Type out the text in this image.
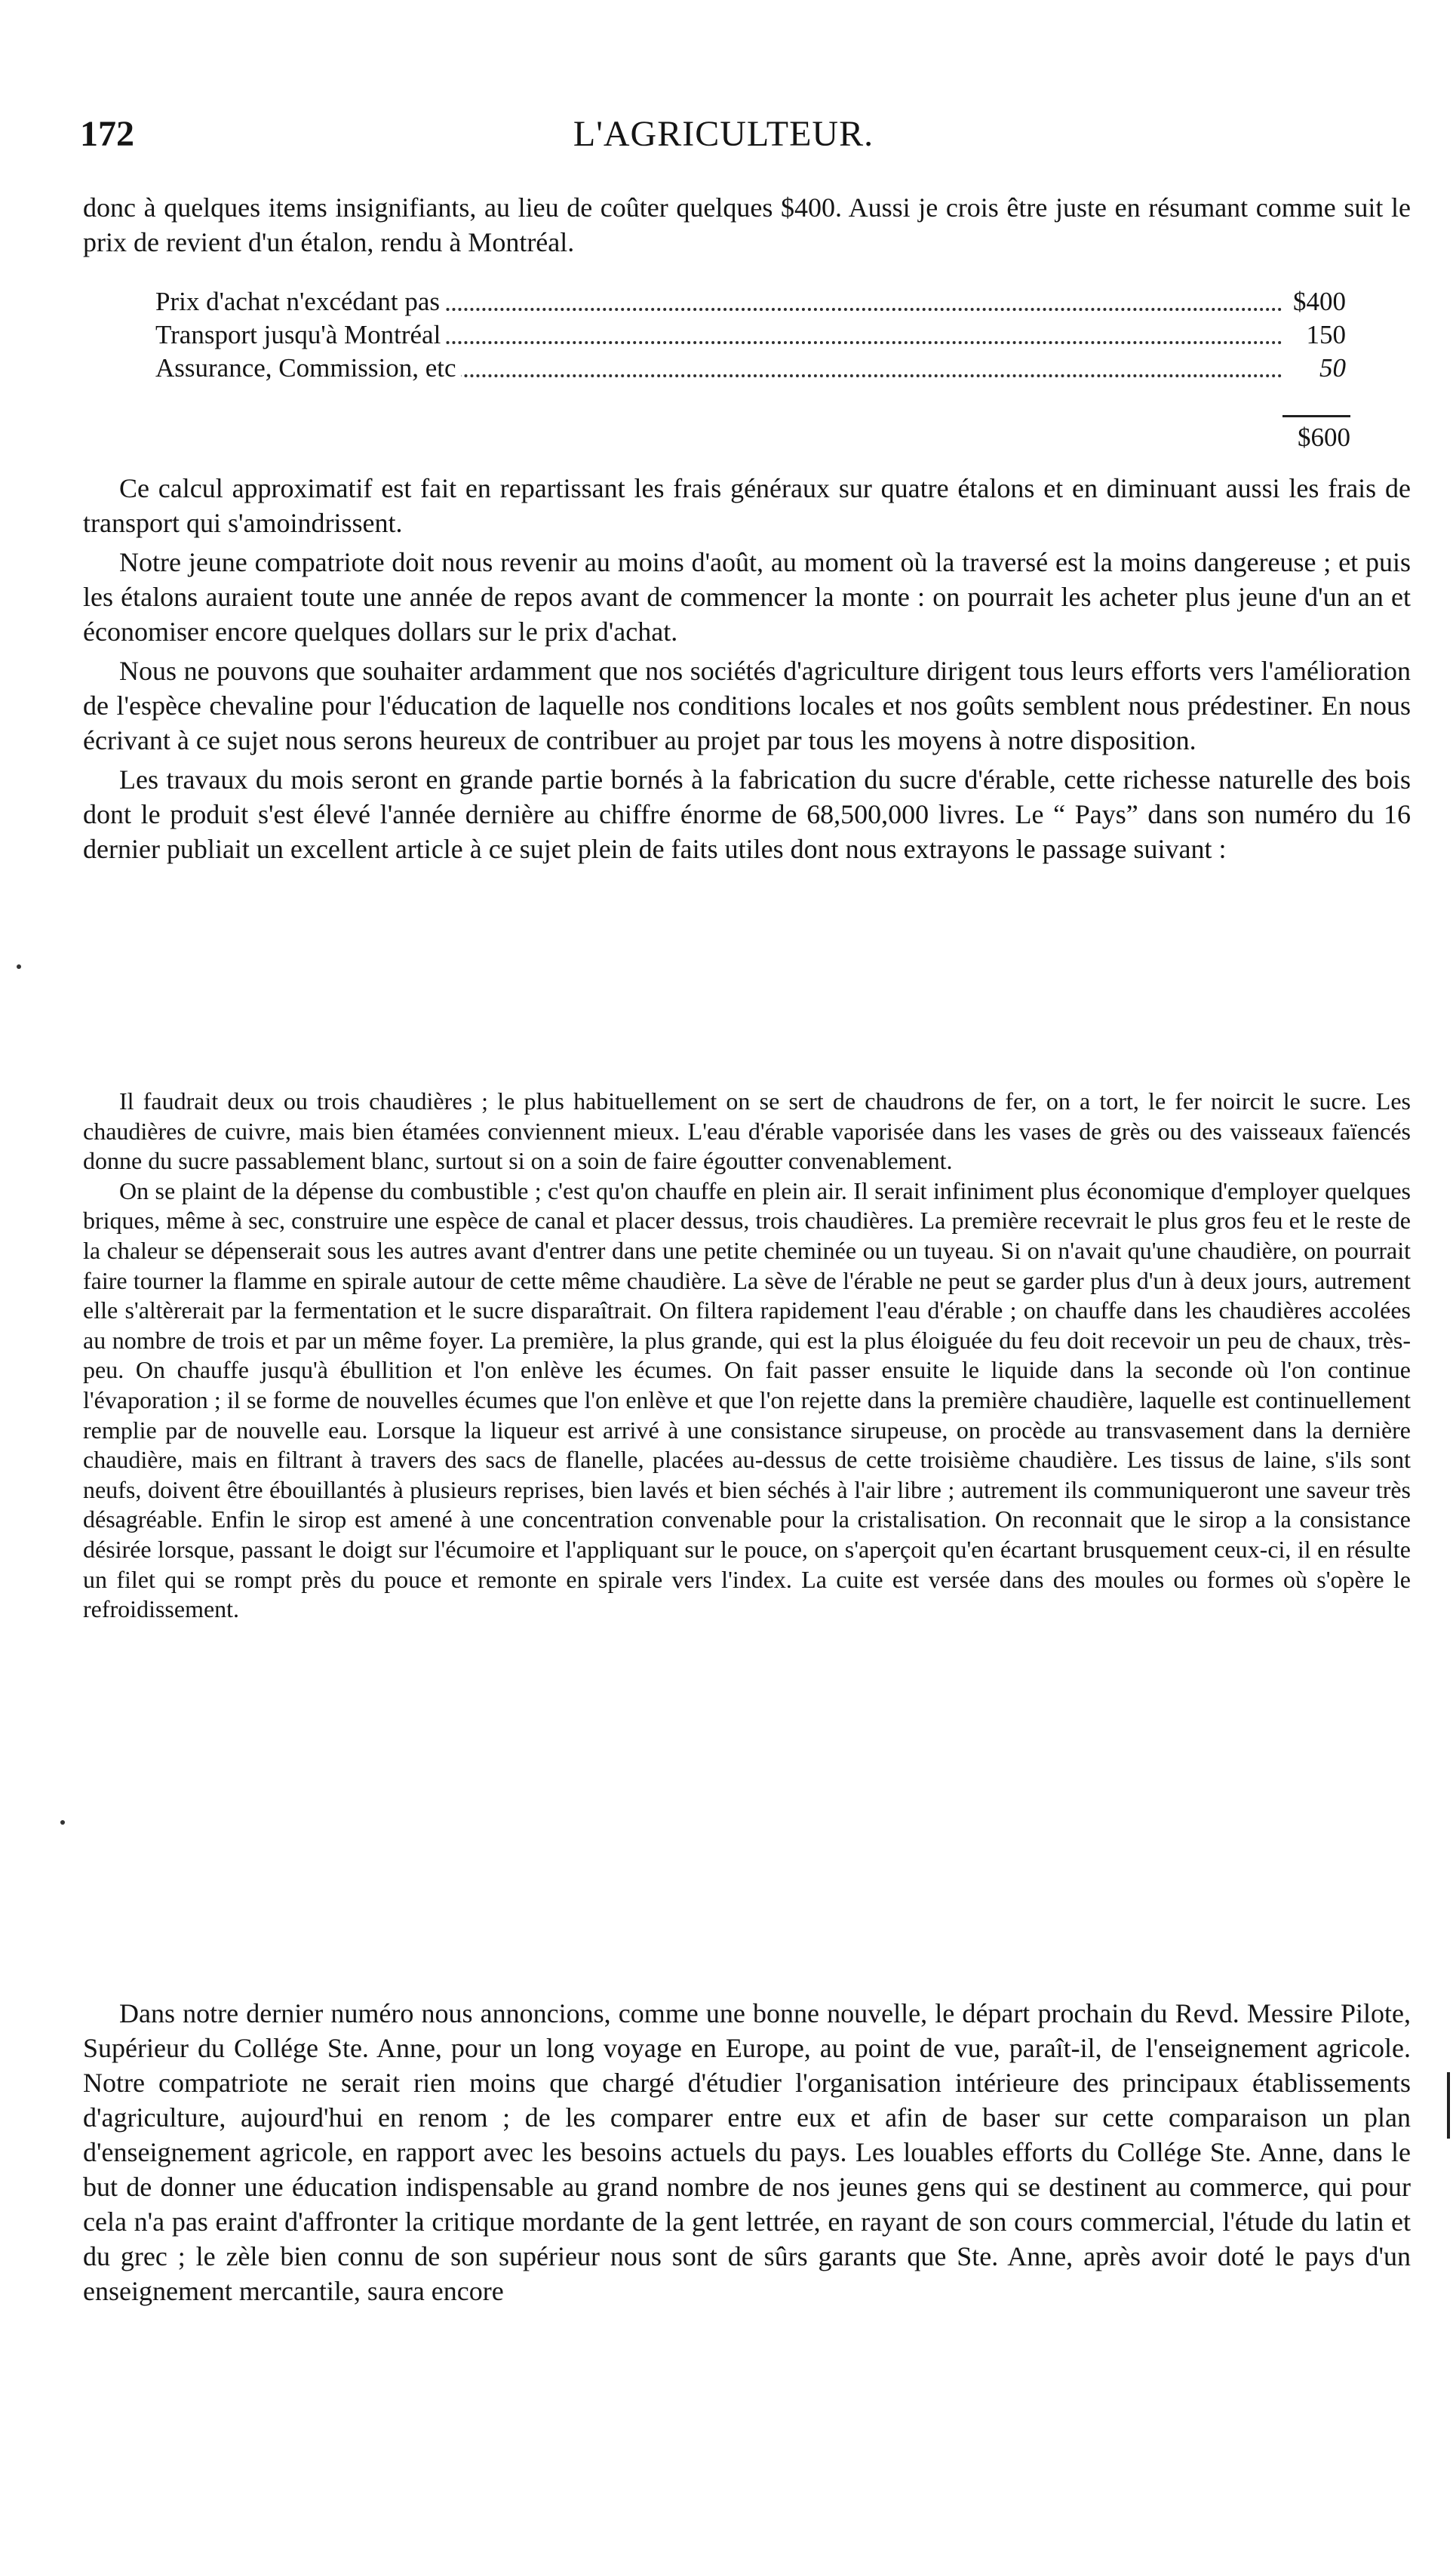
172	L'AGRICULTEUR.

donc à quelques items insignifiants, au lieu de coûter quelques $400. Aussi je crois être juste en résumant comme suit le prix de revient d'un étalon, rendu à Montréal.

Prix d'achat n'excédant pas	$400
Transport jusqu'à Montréal	150
Assurance, Commission, etc	50
$600

Ce calcul approximatif est fait en repartissant les frais généraux sur quatre étalons et en diminuant aussi les frais de transport qui s'amoindrissent.

Notre jeune compatriote doit nous revenir au moins d'août, au moment où la traversé est la moins dangereuse ; et puis les étalons auraient toute une année de repos avant de commencer la monte : on pourrait les acheter plus jeune d'un an et économiser encore quelques dollars sur le prix d'achat.

Nous ne pouvons que souhaiter ardamment que nos sociétés d'agriculture dirigent tous leurs efforts vers l'amélioration de l'espèce chevaline pour l'éducation de laquelle nos conditions locales et nos goûts semblent nous prédestiner. En nous écrivant à ce sujet nous serons heureux de contribuer au projet par tous les moyens à notre disposition.

Les travaux du mois seront en grande partie bornés à la fabrication du sucre d'érable, cette richesse naturelle des bois dont le produit s'est élevé l'année dernière au chiffre énorme de 68,500,000 livres. Le “ Pays” dans son numéro du 16 dernier publiait un excellent article à ce sujet plein de faits utiles dont nous extrayons le passage suivant :

Il faudrait deux ou trois chaudières ; le plus habituellement on se sert de chaudrons de fer, on a tort, le fer noircit le sucre. Les chaudières de cuivre, mais bien étamées conviennent mieux. L'eau d'érable vaporisée dans les vases de grès ou des vaisseaux faïencés donne du sucre passablement blanc, surtout si on a soin de faire égoutter convenablement.

On se plaint de la dépense du combustible ; c'est qu'on chauffe en plein air. Il serait infiniment plus économique d'employer quelques briques, même à sec, construire une espèce de canal et placer dessus, trois chaudières. La première recevrait le plus gros feu et le reste de la chaleur se dépenserait sous les autres avant d'entrer dans une petite cheminée ou un tuyeau. Si on n'avait qu'une chaudière, on pourrait faire tourner la flamme en spirale autour de cette même chaudière. La sève de l'érable ne peut se garder plus d'un à deux jours, autrement elle s'altèrerait par la fermentation et le sucre disparaîtrait. On filtera rapidement l'eau d'érable ; on chauffe dans les chaudières accolées au nombre de trois et par un même foyer. La première, la plus grande, qui est la plus éloiguée du feu doit recevoir un peu de chaux, très-peu. On chauffe jusqu'à ébullition et l'on enlève les écumes. On fait passer ensuite le liquide dans la seconde où l'on continue l'évaporation ; il se forme de nouvelles écumes que l'on enlève et que l'on rejette dans la première chaudière, laquelle est continuellement remplie par de nouvelle eau. Lorsque la liqueur est arrivé à une consistance sirupeuse, on procède au transvasement dans la dernière chaudière, mais en filtrant à travers des sacs de flanelle, placées au-dessus de cette troisième chaudière. Les tissus de laine, s'ils sont neufs, doivent être ébouillantés à plusieurs reprises, bien lavés et bien séchés à l'air libre ; autrement ils communiqueront une saveur très désagréable. Enfin le sirop est amené à une concentration convenable pour la cristalisation. On reconnait que le sirop a la consistance désirée lorsque, passant le doigt sur l'écumoire et l'appliquant sur le pouce, on s'aperçoit qu'en écartant brusquement ceux-ci, il en résulte un filet qui se rompt près du pouce et remonte en spirale vers l'index. La cuite est versée dans des moules ou formes où s'opère le refroidissement.

Dans notre dernier numéro nous annoncions, comme une bonne nouvelle, le départ prochain du Revd. Messire Pilote, Supérieur du Collége Ste. Anne, pour un long voyage en Europe, au point de vue, paraît-il, de l'enseignement agricole. Notre compatriote ne serait rien moins que chargé d'étudier l'organisation intérieure des principaux établissements d'agriculture, aujourd'hui en renom ; de les comparer entre eux et afin de baser sur cette comparaison un plan d'enseignement agricole, en rapport avec les besoins actuels du pays. Les louables efforts du Collége Ste. Anne, dans le but de donner une éducation indispensable au grand nombre de nos jeunes gens qui se destinent au commerce, qui pour cela n'a pas eraint d'affronter la critique mordante de la gent lettrée, en rayant de son cours commercial, l'étude du latin et du grec ; le zèle bien connu de son supérieur nous sont de sûrs garants que Ste. Anne, après avoir doté le pays d'un enseignement mercantile, saura encore
